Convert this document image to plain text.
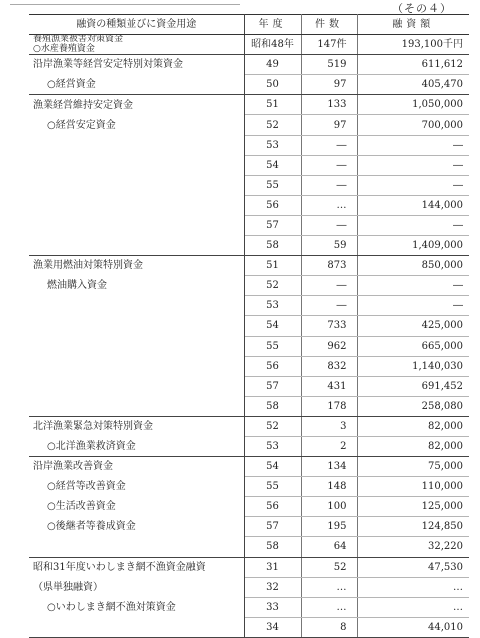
（その４）
融資の種類並びに資金用途	年度	件数	融資額

養殖漁業被害対策資金
○水産養殖資金	昭和48年	147件	193,100千円
沿岸漁業等経営安定特別対策資金	49	519	611,612
○経営資金	50	97	405,470
漁業経営維持安定資金	51	133	1,050,000
○経営安定資金	52	97	700,000
	53	―	―
	54	―	―
	55	―	―
	56	…	144,000
	57	―	―
	58	59	1,409,000
漁業用燃油対策特別資金	51	873	850,000
燃油購入資金	52	―	―
	53	―	―
	54	733	425,000
	55	962	665,000
	56	832	1,140,030
	57	431	691,452
	58	178	258,080
北洋漁業緊急対策特別資金	52	3	82,000
○北洋漁業救済資金	53	2	82,000
沿岸漁業改善資金	54	134	75,000
○経営等改善資金	55	148	110,000
○生活改善資金	56	100	125,000
○後継者等養成資金	57	195	124,850
	58	64	32,220
昭和31年度いわしまき網不漁資金融資	31	52	47,530
（県単独融資）	32	…	…
○いわしまき網不漁対策資金	33	…	…
	34	8	44,010
